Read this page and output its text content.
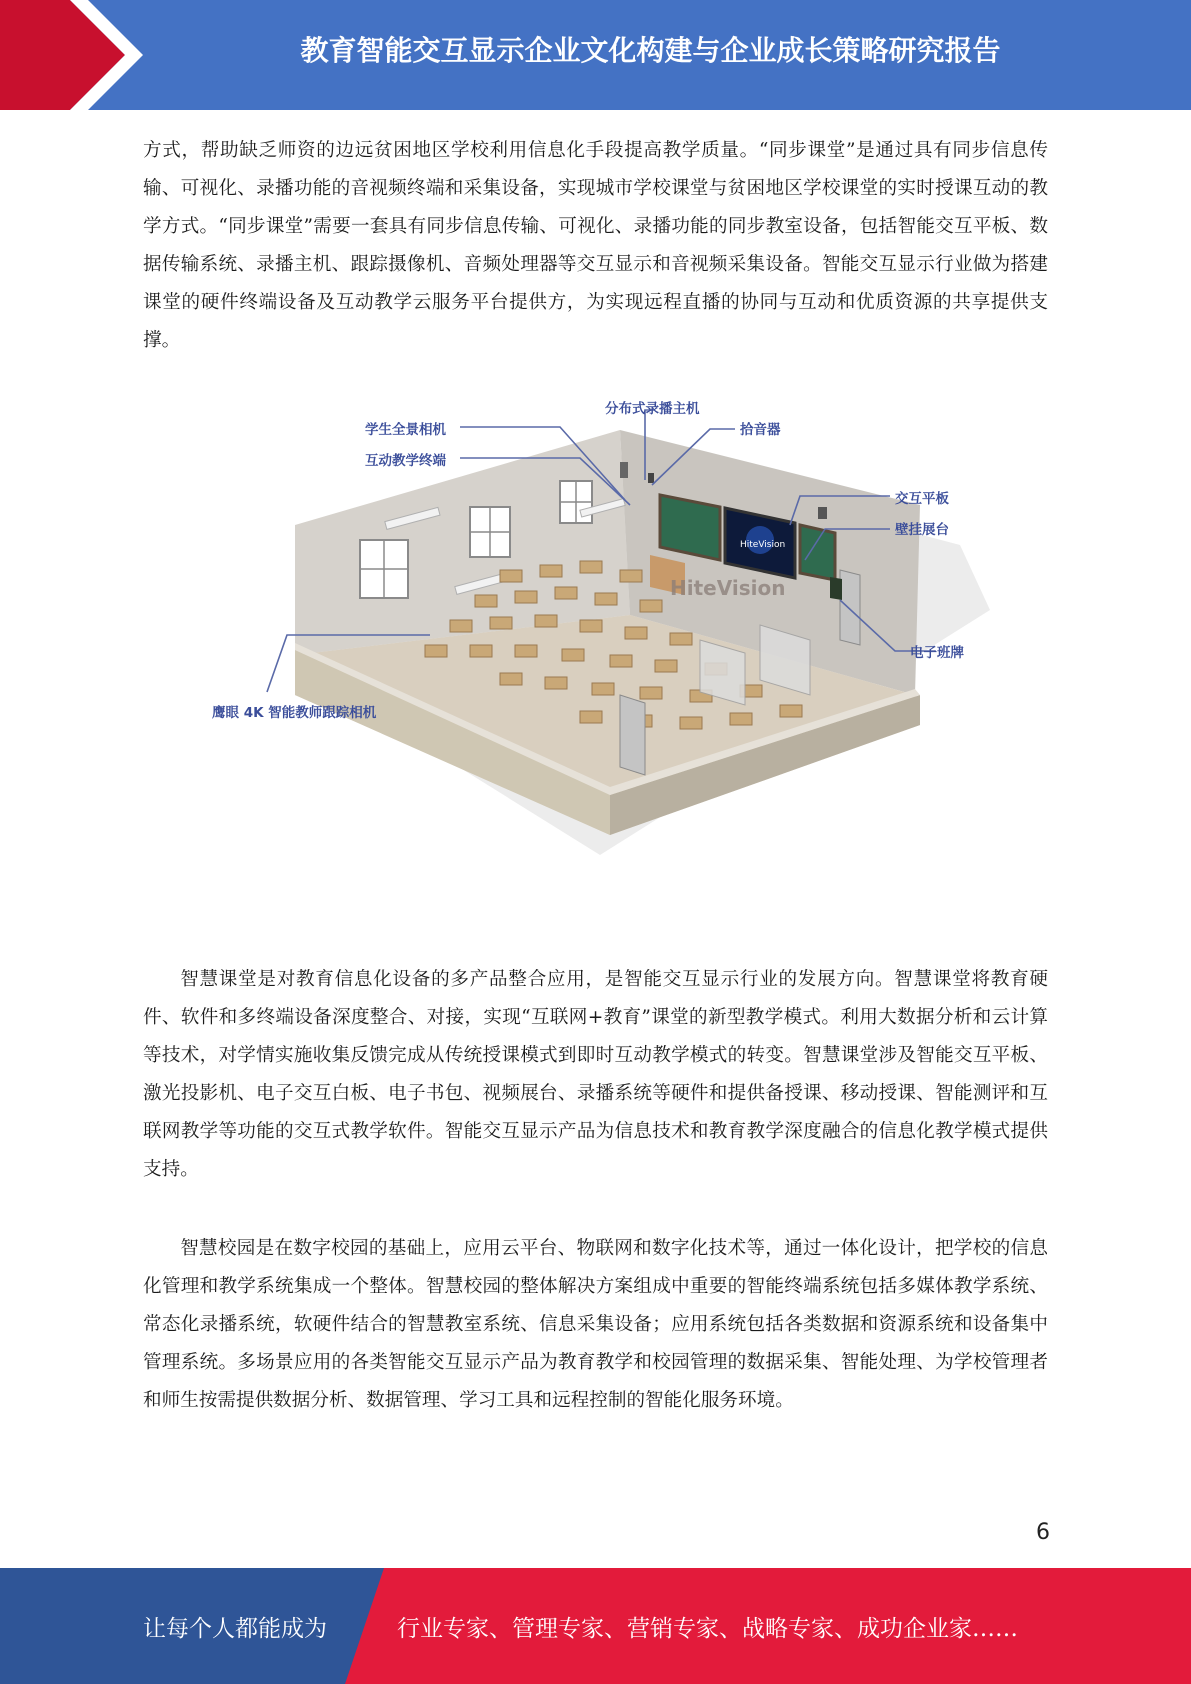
教育智能交互显示企业文化构建与企业成长策略研究报告

方式，帮助缺乏师资的边远贫困地区学校利用信息化手段提高教学质量。“同步课堂”是通过具有同步信息传输、可视化、录播功能的音视频终端和采集设备，实现城市学校课堂与贫困地区学校课堂的实时授课互动的教学方式。“同步课堂”需要一套具有同步信息传输、可视化、录播功能的同步教室设备，包括智能交互平板、数据传输系统、录播主机、跟踪摄像机、音频处理器等交互显示和音视频采集设备。智能交互显示行业做为搭建课堂的硬件终端设备及互动教学云服务平台提供方，为实现远程直播的协同与互动和优质资源的共享提供支撑。

HiteVision
HiteVision
分布式录播主机
学生全景相机	拾音器
互动教学终端
交互平板
壁挂展台
电子班牌
鹰眼 4K 智能教师跟踪相机

智慧课堂是对教育信息化设备的多产品整合应用，是智能交互显示行业的发展方向。智慧课堂将教育硬件、软件和多终端设备深度整合、对接，实现“互联网+教育”课堂的新型教学模式。利用大数据分析和云计算等技术，对学情实施收集反馈完成从传统授课模式到即时互动教学模式的转变。智慧课堂涉及智能交互平板、激光投影机、电子交互白板、电子书包、视频展台、录播系统等硬件和提供备授课、移动授课、智能测评和互联网教学等功能的交互式教学软件。智能交互显示产品为信息技术和教育教学深度融合的信息化教学模式提供支持。

智慧校园是在数字校园的基础上，应用云平台、物联网和数字化技术等，通过一体化设计，把学校的信息化管理和教学系统集成一个整体。智慧校园的整体解决方案组成中重要的智能终端系统包括多媒体教学系统、常态化录播系统，软硬件结合的智慧教室系统、信息采集设备；应用系统包括各类数据和资源系统和设备集中管理系统。多场景应用的各类智能交互显示产品为教育教学和校园管理的数据采集、智能处理、为学校管理者和师生按需提供数据分析、数据管理、学习工具和远程控制的智能化服务环境。

6
让每个人都能成为	行业专家、管理专家、营销专家、战略专家、成功企业家……
